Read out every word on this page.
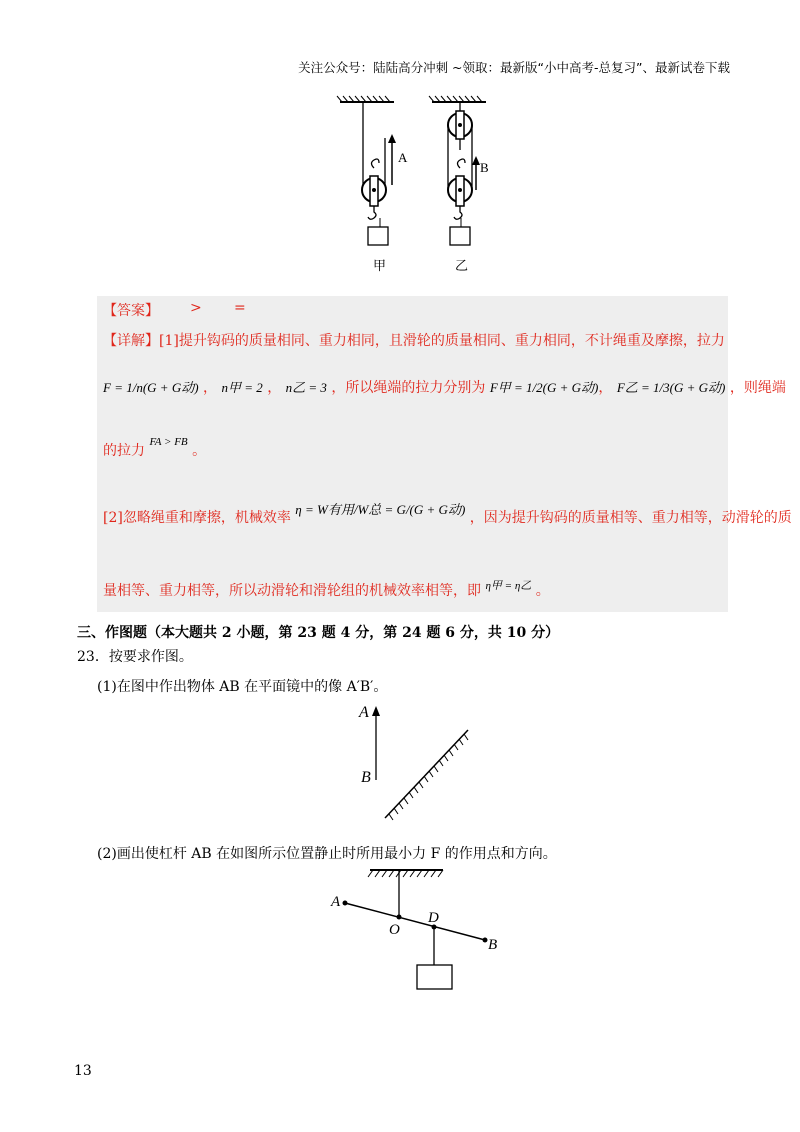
关注公众号：陆陆高分冲刺 ~领取：最新版“小中高考-总复习”、最新试卷下载
A
甲
B
乙
【答案】 > =
【详解】[1]提升钩码的质量相同、重力相同，且滑轮的质量相同、重力相同，不计绳重及摩擦，拉力
F = 1/n(G + G动) ， n甲 = 2 ， n乙 = 3 ，所以绳端的拉力分别为 F甲 = 1/2(G + G动)， F乙 = 1/3(G + G动) ，则绳端
的拉力 $^{FA > FB}$ 。
[2]忽略绳重和摩擦，机械效率 η = W有用/W总 = G/(G + G动) ，因为提升钩码的质量相等、重力相等，动滑轮的质
量相等、重力相等，所以动滑轮和滑轮组的机械效率相等，即 $^{\eta 甲 = \eta 乙}$ 。
三、作图题（本大题共 2 小题，第 23 题 4 分，第 24 题 6 分，共 10 分）
23．按要求作图。
(1)在图中作出物体 AB 在平面镜中的像 A′B′。
A
B
(2)画出使杠杆 AB 在如图所示位置静止时所用最小力 F 的作用点和方向。
A
O
D
B
13
